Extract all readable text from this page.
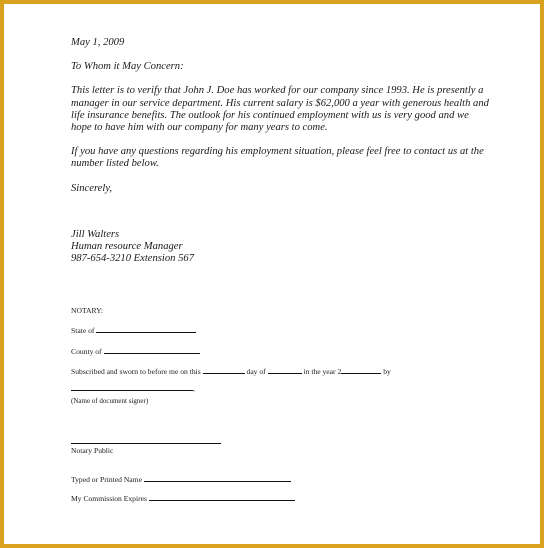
May 1, 2009

To Whom it May Concern:

This letter is to verify that John J. Doe has worked for our company since 1993. He is presently a manager in our service department. His current salary is $62,000 a year with generous health and life insurance benefits. The outlook for his continued employment with us is very good and we hope to have him with our company for many years to come.

If you have any questions regarding his employment situation, please feel free to contact us at the number listed below.

Sincerely,

Jill Walters

Human resource Manager

987-654-3210 Extension 567

NOTARY:
State of
County of
Subscribed and sworn to before me on this	day of	in the year 2	by
,
(Name of document signer)
Notary Public
Typed or Printed Name
My Commission Expires
